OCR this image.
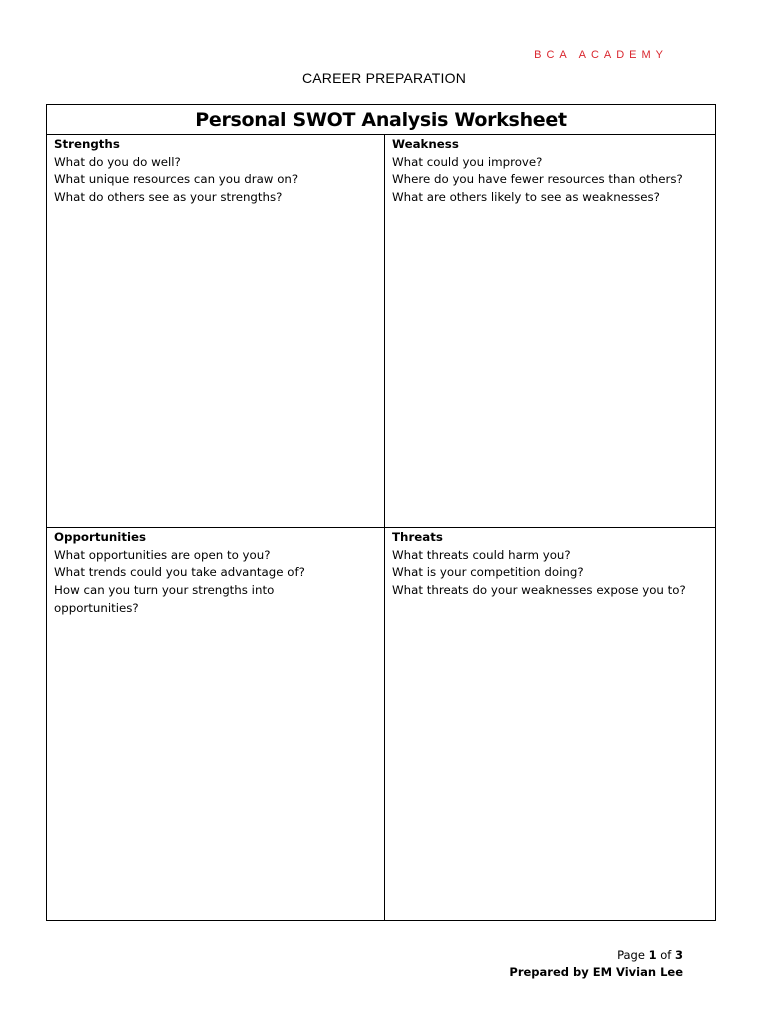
BCA ACADEMY
CAREER PREPARATION
Personal SWOT Analysis Worksheet
Strengths
What do you do well?
What unique resources can you draw on?
What do others see as your strengths?
Weakness
What could you improve?
Where do you have fewer resources than others?
What are others likely to see as weaknesses?
Opportunities
What opportunities are open to you?
What trends could you take advantage of?
How can you turn your strengths into opportunities?
Threats
What threats could harm you?
What is your competition doing?
What threats do your weaknesses expose you to?
Page 1 of 3
Prepared by EM Vivian Lee
